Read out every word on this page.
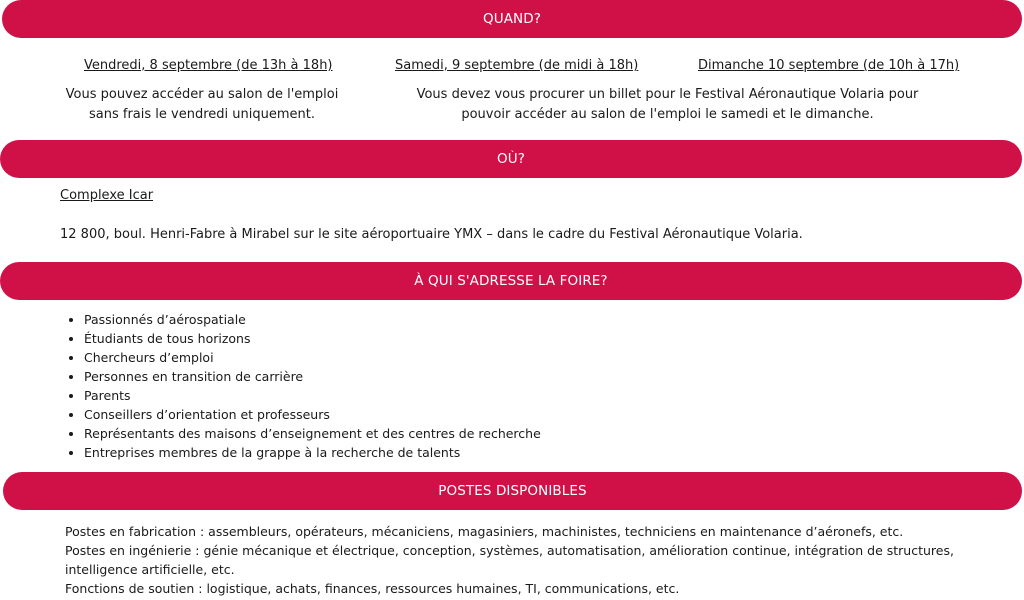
QUAND?
Vendredi, 8 septembre (de 13h à 18h)	Samedi, 9 septembre (de midi à 18h)	Dimanche 10 septembre (de 10h à 17h)
Vous pouvez accéder au salon de l'emploi sans frais le vendredi uniquement.
Vous devez vous procurer un billet pour le Festival Aéronautique Volaria pour pouvoir accéder au salon de l'emploi le samedi et le dimanche.
OÙ?
Complexe Icar
12 800, boul. Henri-Fabre à Mirabel sur le site aéroportuaire YMX – dans le cadre du Festival Aéronautique Volaria.
À QUI S'ADRESSE LA FOIRE?
• Passionnés d’aérospatiale
• Étudiants de tous horizons
• Chercheurs d’emploi
• Personnes en transition de carrière
• Parents
• Conseillers d’orientation et professeurs
• Représentants des maisons d’enseignement et des centres de recherche
• Entreprises membres de la grappe à la recherche de talents
POSTES DISPONIBLES
Postes en fabrication : assembleurs, opérateurs, mécaniciens, magasiniers, machinistes, techniciens en maintenance d’aéronefs, etc.
Postes en ingénierie : génie mécanique et électrique, conception, systèmes, automatisation, amélioration continue, intégration de structures, intelligence artificielle, etc.
Fonctions de soutien : logistique, achats, finances, ressources humaines, TI, communications, etc.
